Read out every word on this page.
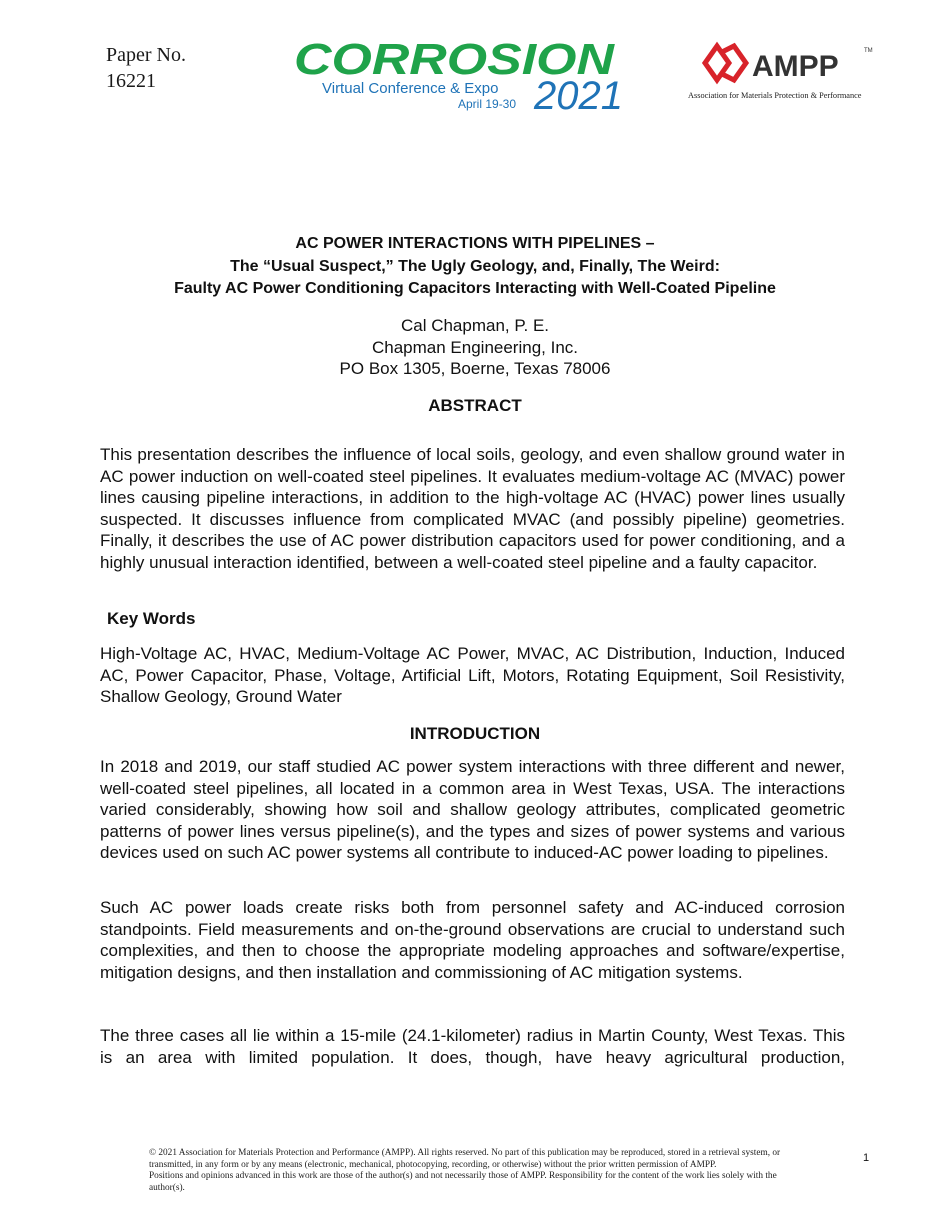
Paper No.
16221	CORROSION
Virtual Conference & Expo
April 19-30 2021
AMPP	TM
Association for Materials Protection & Performance
AC POWER INTERACTIONS WITH PIPELINES –
The “Usual Suspect,” The Ugly Geology, and, Finally, The Weird:
Faulty AC Power Conditioning Capacitors Interacting with Well-Coated Pipeline
Cal Chapman, P. E.
Chapman Engineering, Inc.
PO Box 1305, Boerne, Texas 78006
ABSTRACT
This presentation describes the influence of local soils, geology, and even shallow ground water in AC power induction on well-coated steel pipelines. It evaluates medium-voltage AC (MVAC) power lines causing pipeline interactions, in addition to the high-voltage AC (HVAC) power lines usually suspected. It discusses influence from complicated MVAC (and possibly pipeline) geometries. Finally, it describes the use of AC power distribution capacitors used for power conditioning, and a highly unusual interaction identified, between a well-coated steel pipeline and a faulty capacitor.
Key Words
High-Voltage AC, HVAC, Medium-Voltage AC Power, MVAC, AC Distribution, Induction, Induced AC, Power Capacitor, Phase, Voltage, Artificial Lift, Motors, Rotating Equipment, Soil Resistivity, Shallow Geology, Ground Water
INTRODUCTION
In 2018 and 2019, our staff studied AC power system interactions with three different and newer, well-coated steel pipelines, all located in a common area in West Texas, USA. The interactions varied considerably, showing how soil and shallow geology attributes, complicated geometric patterns of power lines versus pipeline(s), and the types and sizes of power systems and various devices used on such AC power systems all contribute to induced-AC power loading to pipelines.
Such AC power loads create risks both from personnel safety and AC-induced corrosion standpoints. Field measurements and on-the-ground observations are crucial to understand such complexities, and then to choose the appropriate modeling approaches and software/expertise, mitigation designs, and then installation and commissioning of AC mitigation systems.
The three cases all lie within a 15-mile (24.1-kilometer) radius in Martin County, West Texas. This is an area with limited population. It does, though, have heavy agricultural production,
© 2021 Association for Materials Protection and Performance (AMPP). All rights reserved. No part of this publication may be reproduced, stored in a retrieval system, or transmitted, in any form or by any means (electronic, mechanical, photocopying, recording, or otherwise) without the prior written permission of AMPP.
Positions and opinions advanced in this work are those of the author(s) and not necessarily those of AMPP. Responsibility for the content of the work lies solely with the author(s).
1
